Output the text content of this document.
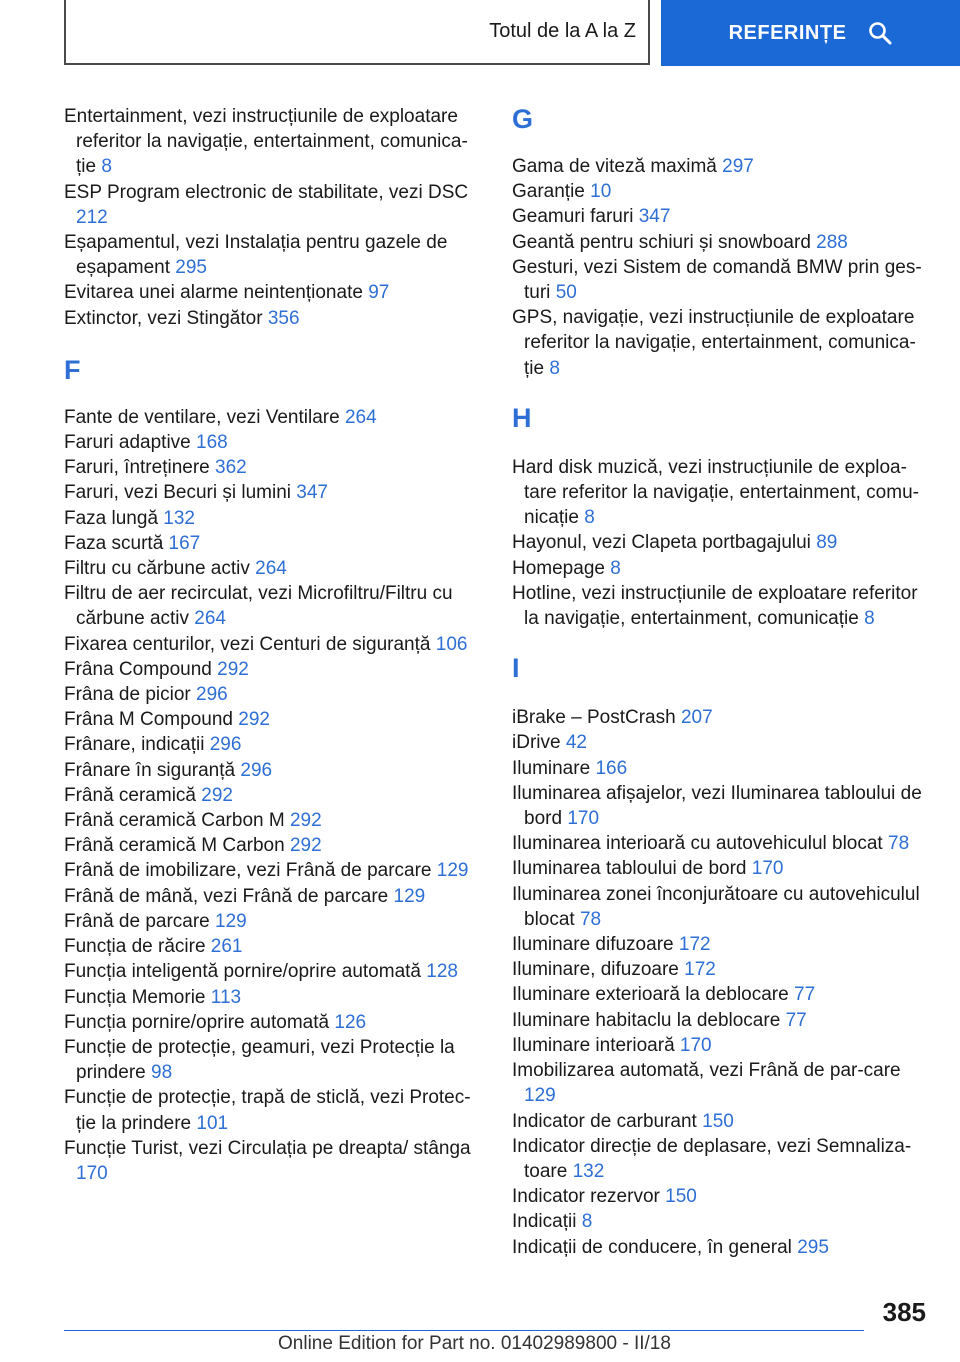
Totul de la A la Z	REFERINȚE
Entertainment, vezi instrucțiunile de exploatare referitor la navigație, entertainment, comunica‐ție 8
ESP Program electronic de stabilitate, vezi DSC 212
Eșapamentul, vezi Instalația pentru gazele de eșapament 295
Evitarea unei alarme neintenționate 97
Extinctor, vezi Stingător 356
F
Fante de ventilare, vezi Ventilare 264
Faruri adaptive 168
Faruri, întreținere 362
Faruri, vezi Becuri și lumini 347
Faza lungă 132
Faza scurtă 167
Filtru cu cărbune activ 264
Filtru de aer recirculat, vezi Microfiltru/Filtru cu cărbune activ 264
Fixarea centurilor, vezi Centuri de siguranță 106
Frâna Compound 292
Frâna de picior 296
Frâna M Compound 292
Frânare, indicații 296
Frânare în siguranță 296
Frână ceramică 292
Frână ceramică Carbon M 292
Frână ceramică M Carbon 292
Frână de imobilizare, vezi Frână de parcare 129
Frână de mână, vezi Frână de parcare 129
Frână de parcare 129
Funcția de răcire 261
Funcția inteligentă pornire/oprire automată 128
Funcția Memorie 113
Funcția pornire/oprire automată 126
Funcție de protecție, geamuri, vezi Protecție la prindere 98
Funcție de protecție, trapă de sticlă, vezi Protec‐ție la prindere 101
Funcție Turist, vezi Circulația pe dreapta/ stânga 170
G
Gama de viteză maximă 297
Garanție 10
Geamuri faruri 347
Geantă pentru schiuri și snowboard 288
Gesturi, vezi Sistem de comandă BMW prin ges‐turi 50
GPS, navigație, vezi instrucțiunile de exploatare referitor la navigație, entertainment, comunica‐ție 8
H
Hard disk muzică, vezi instrucțiunile de exploa‐tare referitor la navigație, entertainment, comu‐nicație 8
Hayonul, vezi Clapeta portbagajului 89
Homepage 8
Hotline, vezi instrucțiunile de exploatare referitor la navigație, entertainment, comunicație 8
I
iBrake – PostCrash 207
iDrive 42
Iluminare 166
Iluminarea afișajelor, vezi Iluminarea tabloului de bord 170
Iluminarea interioară cu autovehiculul blocat 78
Iluminarea tabloului de bord 170
Iluminarea zonei înconjurătoare cu autovehiculul blocat 78
Iluminare difuzoare 172
Iluminare, difuzoare 172
Iluminare exterioară la deblocare 77
Iluminare habitaclu la deblocare 77
Iluminare interioară 170
Imobilizarea automată, vezi Frână de par‐care 129
Indicator de carburant 150
Indicator direcție de deplasare, vezi Semnaliza‐toare 132
Indicator rezervor 150
Indicații 8
Indicații de conducere, în general 295
385
Online Edition for Part no. 01402989800 - II/18
